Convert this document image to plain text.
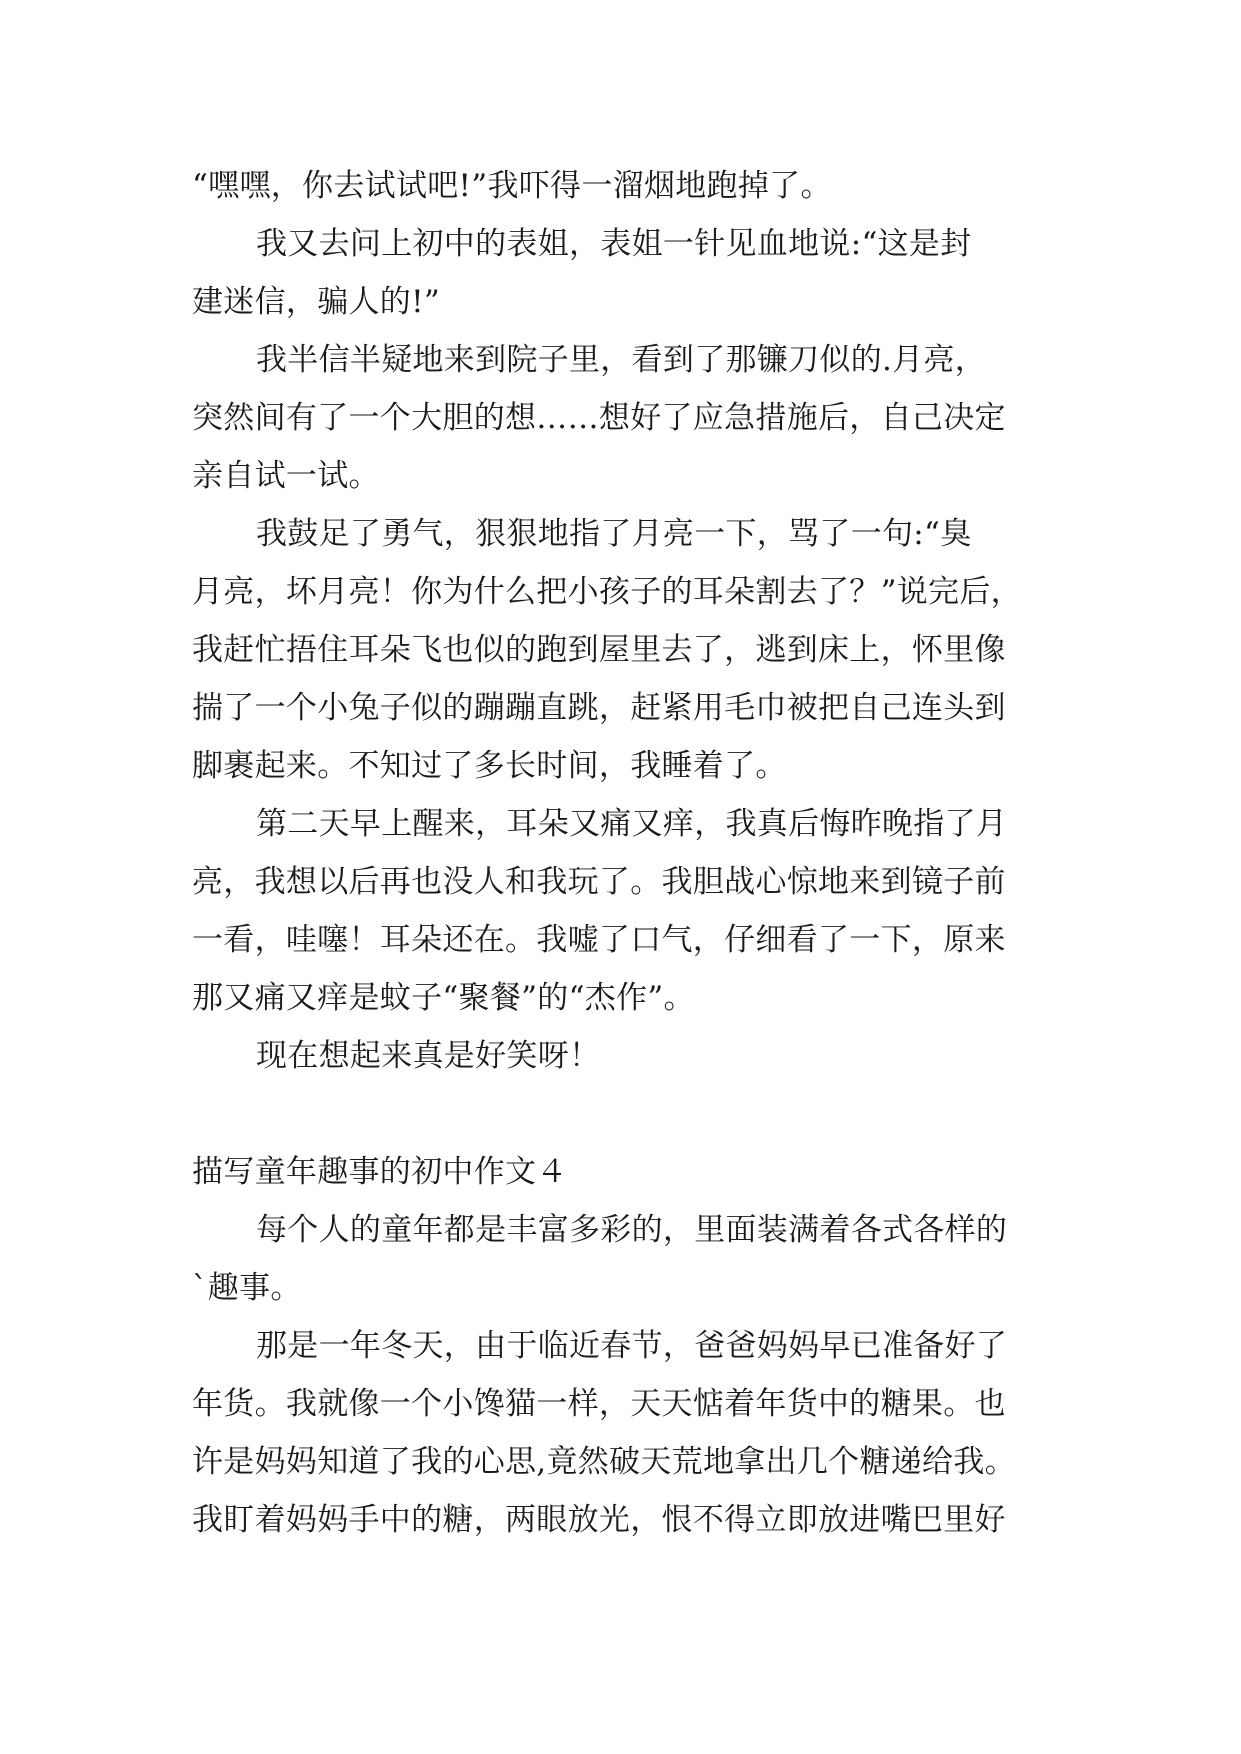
“嘿嘿，你去试试吧!”我吓得一溜烟地跑掉了。
我又去问上初中的表姐，表姐一针见血地说:“这是封
建迷信，骗人的!”
我半信半疑地来到院子里，看到了那镰刀似的.月亮，
突然间有了一个大胆的想……想好了应急措施后，自己决定
亲自试一试。
我鼓足了勇气，狠狠地指了月亮一下，骂了一句:“臭
月亮，坏月亮！你为什么把小孩子的耳朵割去了？”说完后，
我赶忙捂住耳朵飞也似的跑到屋里去了，逃到床上，怀里像
揣了一个小兔子似的蹦蹦直跳，赶紧用毛巾被把自己连头到
脚裹起来。不知过了多长时间，我睡着了。
第二天早上醒来，耳朵又痛又痒，我真后悔昨晚指了月
亮，我想以后再也没人和我玩了。我胆战心惊地来到镜子前
一看，哇噻！耳朵还在。我嘘了口气，仔细看了一下，原来
那又痛又痒是蚊子“聚餐”的“杰作”。
现在想起来真是好笑呀！
描写童年趣事的初中作文４
每个人的童年都是丰富多彩的，里面装满着各式各样的
`趣事。
那是一年冬天，由于临近春节，爸爸妈妈早已准备好了
年货。我就像一个小馋猫一样，天天惦着年货中的糖果。也
许是妈妈知道了我的心思,竟然破天荒地拿出几个糖递给我。
我盯着妈妈手中的糖，两眼放光，恨不得立即放进嘴巴里好
